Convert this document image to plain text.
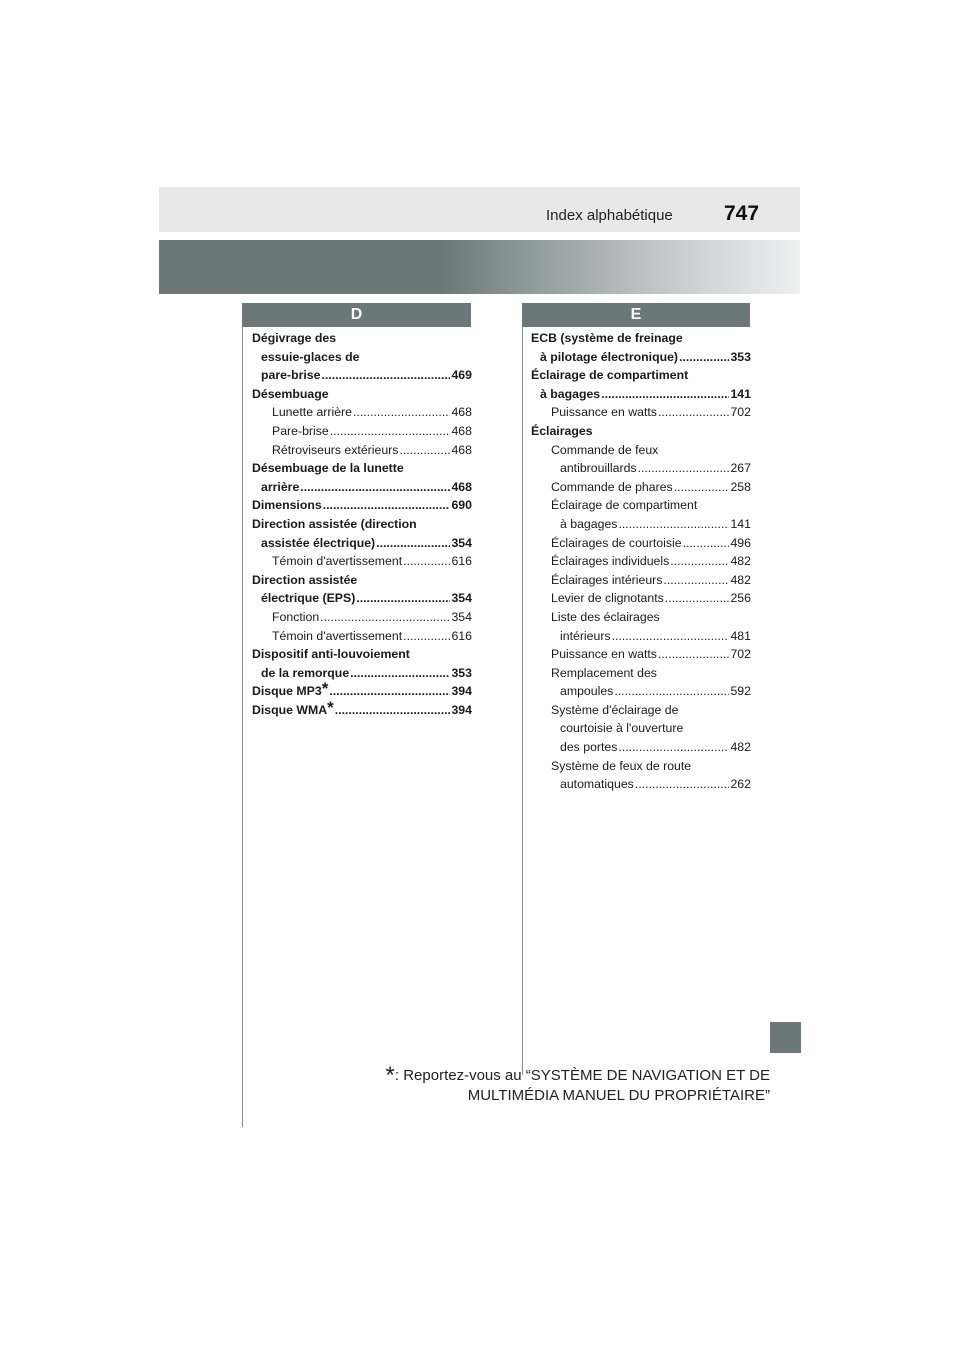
Index alphabétique 747
D	E
Dégivrage des
essuie-glaces de
pare-brise .....	469
Désembuage
Lunette arrière .....	468
Pare-brise .....	468
Rétroviseurs extérieurs .....	468
Désembuage de la lunette
arrière .....	468
Dimensions .....	690
Direction assistée (direction
assistée électrique) .....	354
Témoin d'avertissement .....	616
Direction assistée
électrique (EPS) .....	354
Fonction .....	354
Témoin d'avertissement .....	616
Dispositif anti-louvoiement
de la remorque .....	353
Disque MP3* .....	394
Disque WMA* .....	394
ECB (système de freinage
à pilotage électronique) .....	353
Éclairage de compartiment
à bagages .....	141
Puissance en watts .....	702
Éclairages
Commande de feux
antibrouillards .....	267
Commande de phares .....	258
Éclairage de compartiment
à bagages .....	141
Éclairages de courtoisie .....	496
Éclairages individuels .....	482
Éclairages intérieurs .....	482
Levier de clignotants .....	256
Liste des éclairages
intérieurs .....	481
Puissance en watts .....	702
Remplacement des
ampoules .....	592
Système d'éclairage de
courtoisie à l'ouverture
des portes .....	482
Système de feux de route
automatiques .....	262
*: Reportez-vous au “SYSTÈME DE NAVIGATION ET DE
MULTIMÉDIA MANUEL DU PROPRIÉTAIRE”
